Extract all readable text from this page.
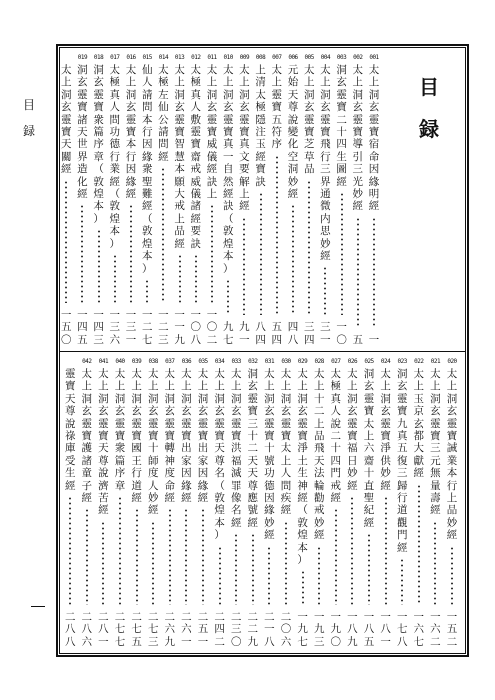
目
録
目
録
001
太
上
洞
玄
靈
寶
宿
命
因
緣
明
經
一
002
太
上
洞
玄
靈
寶
導
引
三
光
妙
經
五
003
洞
玄
靈
寶
二
十
四
生
圖
經
一
〇
004
太
上
洞
玄
靈
寶
飛
行
三
界
通
微
内
思
妙
經
三
一
005
太
上
洞
玄
靈
寶
芝
草
品
三
四
006
元
始
天
尊
說
變
化
空
洞
妙
經
四
八
007
太
上
靈
寶
五
符
序
五
四
008
上
清
太
極
隱
注
玉
經
寶
訣
八
四
009
太
上
洞
玄
靈
寶
真
文
要
解
上
經
九
一
010
太
上
洞
玄
靈
寶
真
一
自
然
經
訣
（
敦
煌
本
）
九
七
011
太
上
洞
玄
靈
寶
威
儀
經
訣
上
一
〇
二
012
太
極
真
人
敷
靈
寶
齋
戒
威
儀
諸
經
要
訣
一
〇
八
013
太
上
洞
玄
靈
寶
智
慧
本
願
大
戒
上
品
經
一
一
九
014
太
極
左
仙
公
請
問
經
一
二
三
015
仙
人
請
問
本
行
因
緣
衆
聖
難
經
（
敦
煌
本
）
一
二
七
016
太
上
洞
玄
靈
寶
本
行
因
緣
經
一
三
一
017
太
極
真
人
問
功
德
行
業
經
（
敦
煌
本
）
一
三
六
018
洞
玄
靈
寶
衆
篇
序
章
（
敦
煌
本
）
一
四
三
019
洞
玄
靈
寶
諸
天
世
界
造
化
經
一
四
五
太
上
洞
玄
靈
寶
天
關
經
一
五
〇
020
太
上
洞
玄
靈
寶
誡
業
本
行
上
品
妙
經
一
五
二
021
太
上
洞
玄
靈
寶
三
元
無
量
壽
經
一
六
二
022
太
上
玉
京
玄
都
大
獻
經
一
六
七
023
洞
玄
靈
寶
九
真
五
復
三
歸
行
道
觀
門
經
一
七
八
024
太
上
洞
玄
靈
寶
淨
供
妙
經
一
八
一
025
洞
玄
靈
寶
太
上
六
齋
十
直
聖
紀
經
一
八
五
026
太
上
洞
玄
靈
寶
福
日
妙
經
一
八
九
027
太
極
真
人
說
二
十
四
門
戒
經
一
九
〇
028
太
上
十
二
上
品
飛
天
法
輪
勸
戒
妙
經
一
九
三
029
太
上
洞
玄
靈
寶
淨
土
生
神
經
（
敦
煌
本
）
一
九
七
030
太
上
洞
玄
靈
寶
太
上
人
問
疾
經
二
〇
六
031
太
上
洞
玄
靈
寶
十
號
功
德
因
緣
妙
經
二
一
八
032
洞
玄
靈
寶
三
十
二
天
天
尊
應
號
經
二
二
九
033
太
上
洞
玄
靈
寶
洪
福
滅
罪
像
名
經
二
三
〇
034
太
上
洞
玄
靈
寶
天
尊
名
（
敦
煌
本
）
二
四
二
035
太
上
洞
玄
靈
寶
出
家
因
緣
經
二
五
一
036
太
上
洞
玄
靈
寶
出
家
因
緣
經
二
六
一
037
太
上
洞
玄
靈
寶
轉
神
度
命
經
二
六
九
038
太
上
洞
玄
靈
寶
十
師
度
人
妙
經
二
七
三
039
太
上
洞
玄
靈
寶
國
王
行
道
經
二
七
五
040
太
上
洞
玄
靈
寶
衆
篇
序
章
二
七
七
041
太
上
洞
玄
靈
寶
天
尊
說
濟
苦
經
二
八
一
042
太
上
洞
玄
靈
寶
護
諸
童
子
經
二
八
六
靈
寶
天
尊
說
祿
庫
受
生
經
二
八
八
